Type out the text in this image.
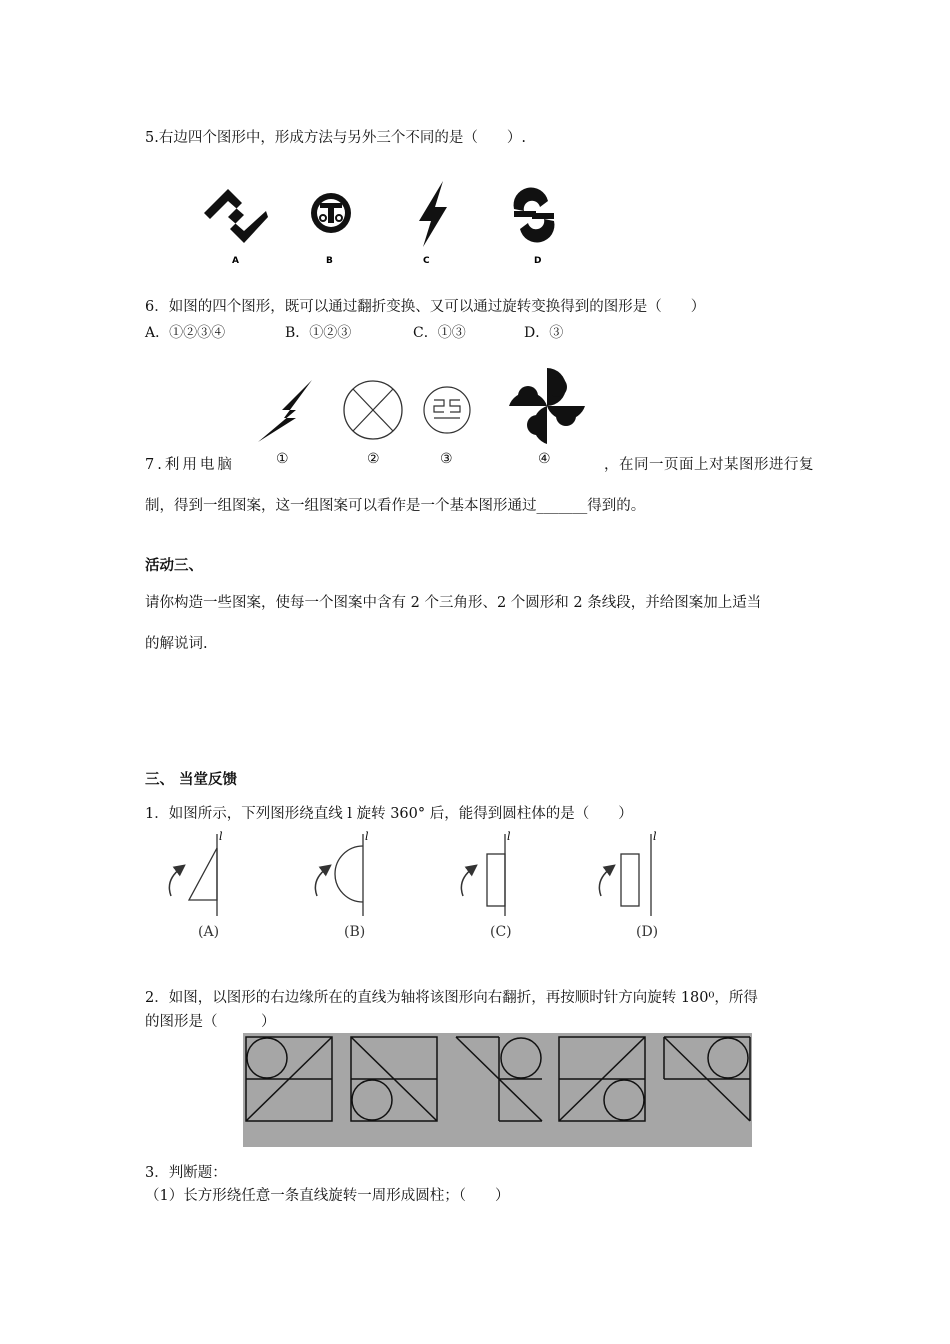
5.右边四个图形中，形成方法与另外三个不同的是（　　）.
A	B	C	D
6．如图的四个图形，既可以通过翻折变换、又可以通过旋转变换得到的图形是（　　）
A．①②③④	B．①②③	C．①③	D．③
7.利用电脑	①	②	③	④	，在同一页面上对某图形进行复
制，得到一组图案，这一组图案可以看作是一个基本图形通过_______得到的。
活动三、
请你构造一些图案，使每一个图案中含有 2 个三角形、2 个圆形和 2 条线段，并给图案加上适当
的解说词.
三、 当堂反馈
1．如图所示，下列图形绕直线 l 旋转 360° 后，能得到圆柱体的是（　　）
l	l	l	l
(A)	(B)	(C)	(D)
2．如图，以图形的右边缘所在的直线为轴将该图形向右翻折，再按顺时针方向旋转 180⁰，所得
的图形是（　　　）
3．判断题：
（1）长方形绕任意一条直线旋转一周形成圆柱；（　　）
